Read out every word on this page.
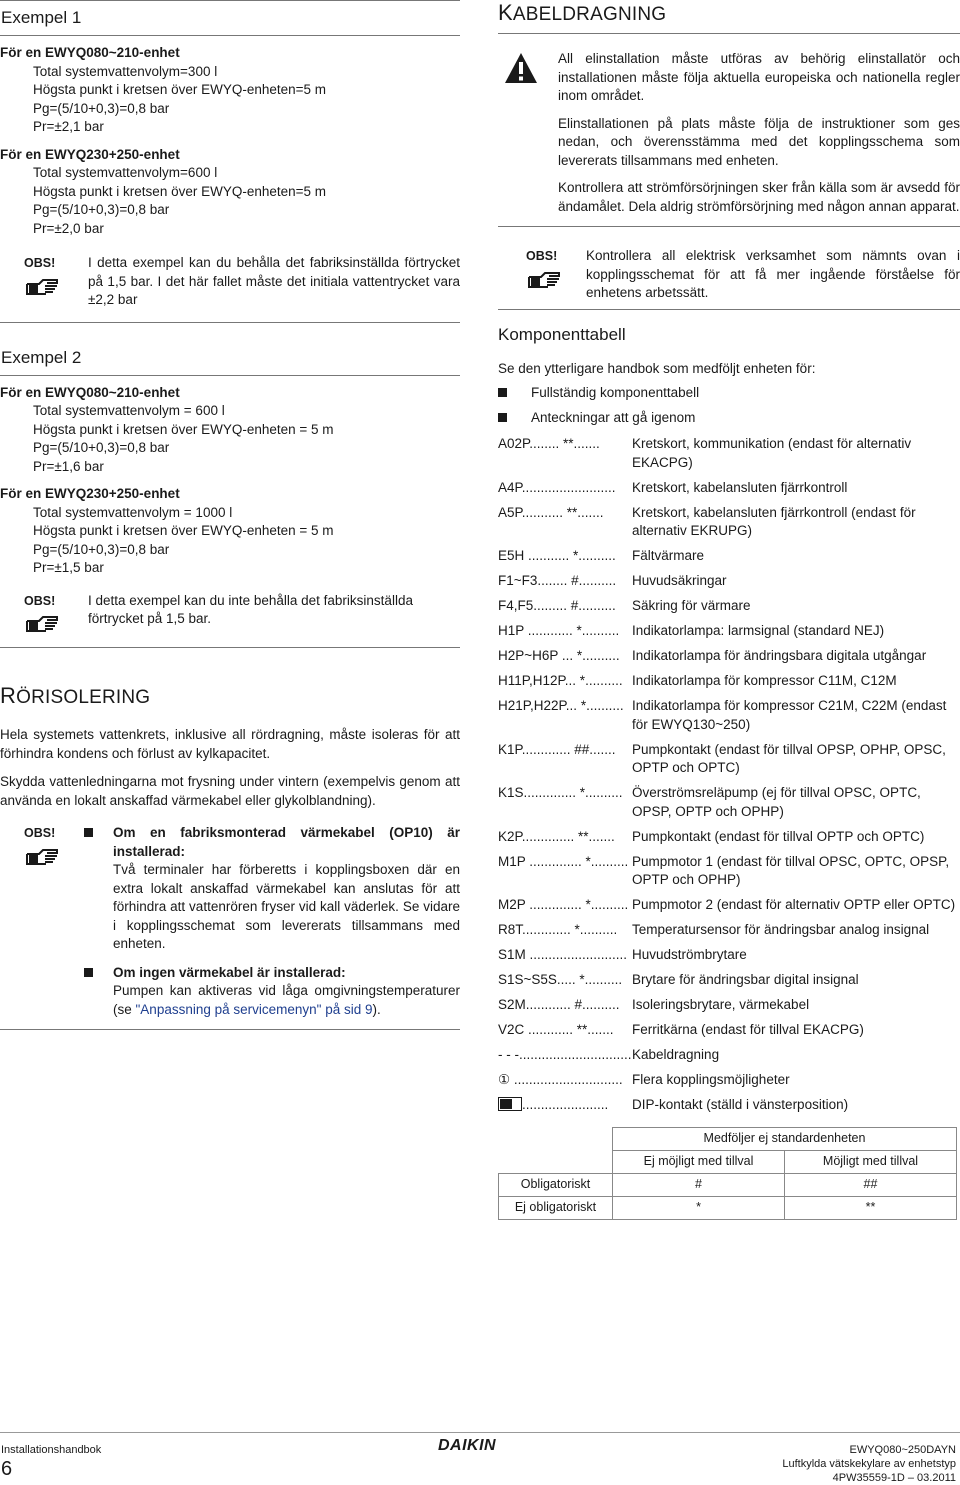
Exempel 1
För en EWYQ080~210-enhet
Total systemvattenvolym=300 l
Högsta punkt i kretsen över EWYQ-enheten=5 m
Pg=(5/10+0,3)=0,8 bar
Pr=±2,1 bar
För en EWYQ230+250-enhet
Total systemvattenvolym=600 l
Högsta punkt i kretsen över EWYQ-enheten=5 m
Pg=(5/10+0,3)=0,8 bar
Pr=±2,0 bar
OBS!	I detta exempel kan du behålla det fabriksinställda förtrycket på 1,5 bar. I det här fallet måste det initiala vattentrycket vara ±2,2 bar
Exempel 2
För en EWYQ080~210-enhet
Total systemvattenvolym = 600 l
Högsta punkt i kretsen över EWYQ-enheten = 5 m
Pg=(5/10+0,3)=0,8 bar
Pr=±1,6 bar
För en EWYQ230+250-enhet
Total systemvattenvolym = 1000 l
Högsta punkt i kretsen över EWYQ-enheten = 5 m
Pg=(5/10+0,3)=0,8 bar
Pr=±1,5 bar
OBS!	I detta exempel kan du inte behålla det fabriksinställda förtrycket på 1,5 bar.
RÖRISOLERING

Hela systemets vattenkrets, inklusive all rördragning, måste isoleras för att förhindra kondens och förlust av kylkapacitet.

Skydda vattenledningarna mot frysning under vintern (exempelvis genom att använda en lokalt anskaffad värmekabel eller glykolblandning).

OBS!	Om en fabriksmonterad värmekabel (OP10) är installerad:
Två terminaler har förberetts i kopplingsboxen där en extra lokalt anskaffad värmekabel kan anslutas för att förhindra att vattenrören fryser vid kall väderlek. Se vidare i kopplingsschemat som levererats tillsammans med enheten.
Om ingen värmekabel är installerad:
Pumpen kan aktiveras vid låga omgivningstemperaturer (se "Anpassning på servicemenyn" på sid 9).
KABELDRAGNING

All elinstallation måste utföras av behörig elinstallatör och installationen måste följa aktuella europeiska och nationella regler inom området.

Elinstallationen på plats måste följa de instruktioner som ges nedan, och överensstämma med det kopplingsschema som levererats tillsammans med enheten.

Kontrollera att strömförsörjningen sker från källa som är avsedd för ändamålet. Dela aldrig strömförsörjning med någon annan apparat.

OBS!	Kontrollera all elektrisk verksamhet som nämnts ovan i kopplingsschemat för att få mer ingående förståelse för enhetens arbetssätt.
Komponenttabell
Se den ytterligare handbok som medföljt enheten för:
Fullständig komponenttabell
Anteckningar att gå igenom
A02P........ **.......	Kretskort, kommunikation (endast för alternativ EKACPG)
A4P.........................	Kretskort, kabelansluten fjärrkontroll
A5P........... **.......	Kretskort, kabelansluten fjärrkontroll (endast för alternativ EKRUPG)
E5H ........... *..........	Fältvärmare
F1~F3........ #..........	Huvudsäkringar
F4,F5......... #..........	Säkring för värmare
H1P ............ *.......... Indikatorlampa: larmsignal (standard NEJ)
H2P~H6P ... *.......... Indikatorlampa för ändringsbara digitala utgångar
H11P,H12P... *.......... Indikatorlampa för kompressor C11M, C12M
H21P,H22P... *.......... Indikatorlampa för kompressor C21M, C22M (endast för EWYQ130~250)
K1P............. ##.......	Pumpkontakt (endast för tillval OPSP, OPHP, OPSC, OPTP och OPTC)
K1S.............. *.......... Överströmsreläpump (ej för tillval OPSC, OPTC, OPSP, OPTP och OPHP)
K2P.............. **.......	Pumpkontakt (endast för tillval OPTP och OPTC)
M1P .............. *.......... Pumpmotor 1 (endast för tillval OPSC, OPTC, OPSP, OPTP och OPHP)
M2P .............. *.......... Pumpmotor 2 (endast för alternativ OPTP eller OPTC)
R8T............. *..........	Temperatursensor för ändringsbar analog insignal
S1M .......................... Huvudströmbrytare
S1S~S5S..... *.......... Brytare för ändringsbar digital insignal
S2M............ #.......... Isoleringsbrytare, värmekabel
V2C ............ **.......	Ferritkärna (endast för tillval EKACPG)
- - -.............................. Kabeldragning
① ............................. Flera kopplingsmöjligheter
.......................	DIP-kontakt (ställd i vänsterposition)
	Medföljer ej standardenheten	
	Ej möjligt med tillval	Möjligt med tillval
Obligatoriskt	#	##
Ej obligatoriskt	*	**
Installationshandbok
6
DAIKIN	EWYQ080~250DAYN
Luftkylda vätskekylare av enhetstyp
4PW35559-1D – 03.2011
